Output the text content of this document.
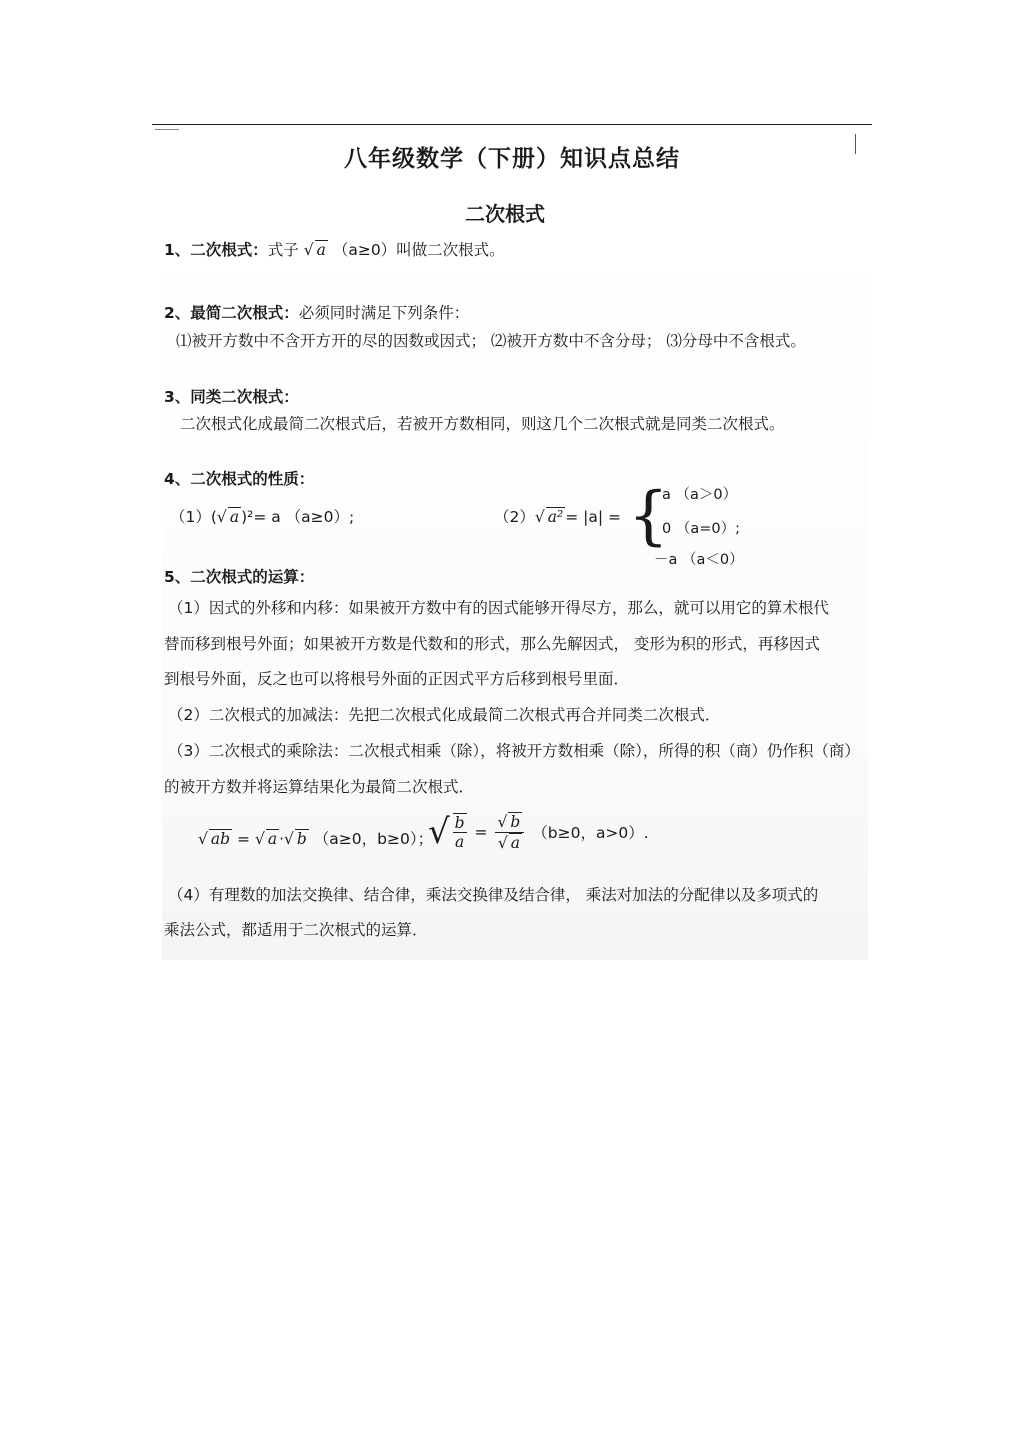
八年级数学（下册）知识点总结
二次根式
1、二次根式：式子 √ a （a≥0）叫做二次根式。
2、最简二次根式：必须同时满足下列条件：
⑴被开方数中不含开方开的尽的因数或因式； ⑵被开方数中不含分母； ⑶分母中不含根式。
3、同类二次根式：
二次根式化成最简二次根式后，若被开方数相同，则这几个二次根式就是同类二次根式。
4、二次根式的性质：
（1）(√ a )²= a （a≥0）;	（2）√ a² = |a| = {
a （a＞0）
0 （a=0）;
－a （a＜0）
5、二次根式的运算：
（1）因式的外移和内移：如果被开方数中有的因式能够开得尽方，那么，就可以用它的算术根代
替而移到根号外面；如果被开方数是代数和的形式，那么先解因式， 变形为积的形式，再移因式
到根号外面，反之也可以将根号外面的正因式平方后移到根号里面．
（2）二次根式的加减法：先把二次根式化成最简二次根式再合并同类二次根式．
（3）二次根式的乘除法：二次根式相乘（除），将被开方数相乘（除），所得的积（商）仍作积（商）
的被开方数并将运算结果化为最简二次根式．
√ ab = √ a ·√ b （a≥0，b≥0）；
√ $\frac{b}{a} = \frac{√ b}{√ a} (b\ge 0$，a>0）.
（4）有理数的加法交换律、结合律，乘法交换律及结合律， 乘法对加法的分配律以及多项式的
乘法公式，都适用于二次根式的运算．
